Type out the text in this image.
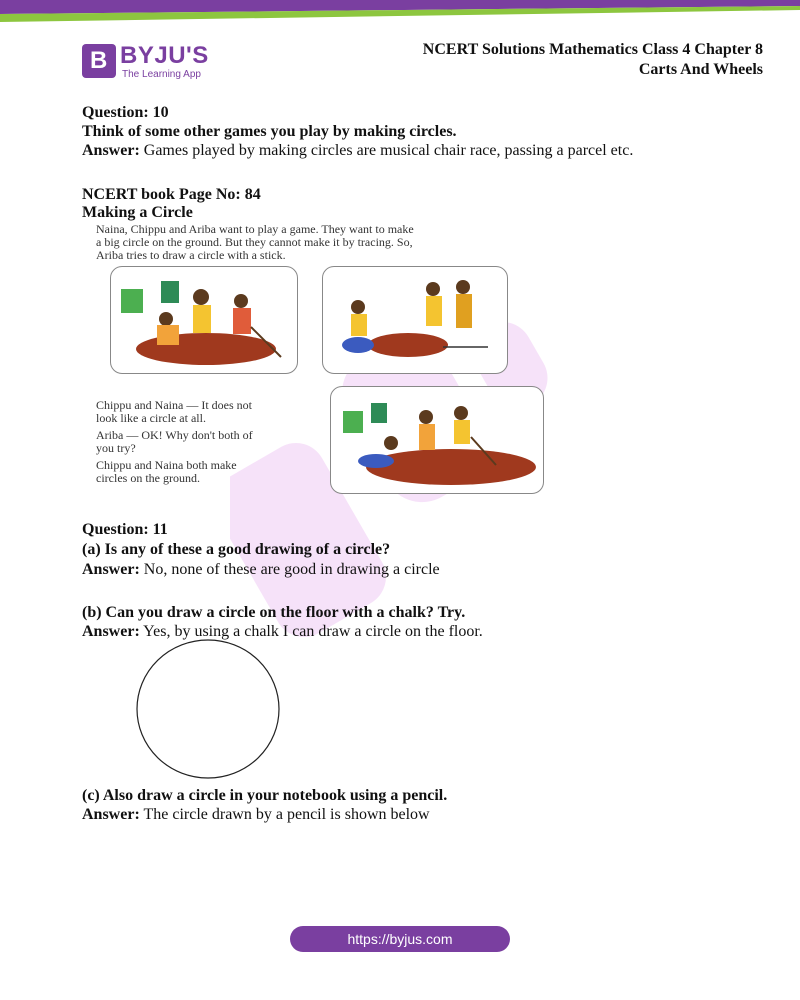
B BYJU'S
The Learning App
NCERT Solutions Mathematics Class 4 Chapter 8
Carts And Wheels
Question: 10
Think of some other games you play by making circles.
Answer: Games played by making circles are musical chair race, passing a parcel etc.
NCERT book Page No: 84
Making a Circle
Naina, Chippu and Ariba want to play a game. They want to make
a big circle on the ground. But they cannot make it by tracing. So,
Ariba tries to draw a circle with a stick.
Chippu and Naina — It does not
look like a circle at all.
Ariba — OK! Why don't both of
you try?
Chippu and Naina both make
circles on the ground.
Question: 11
(a) Is any of these a good drawing of a circle?
Answer: No, none of these are good in drawing a circle
(b) Can you draw a circle on the floor with a chalk? Try.
Answer: Yes, by using a chalk I can draw a circle on the floor.
(c) Also draw a circle in your notebook using a pencil.
Answer: The circle drawn by a pencil is shown below
https://byjus.com
